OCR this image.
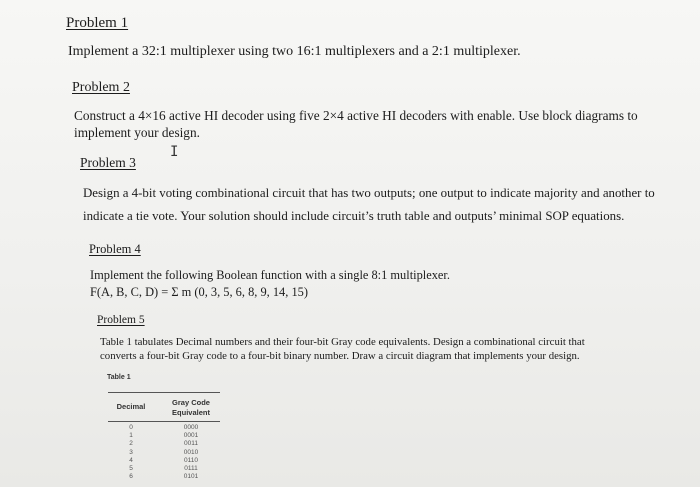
Problem 1
Implement a 32:1 multiplexer using two 16:1 multiplexers and a 2:1 multiplexer.
Problem 2
Construct a 4×16 active HI decoder using five 2×4 active HI decoders with enable. Use block diagrams to
implement your design.
I
Problem 3
Design a 4-bit voting combinational circuit that has two outputs; one output to indicate majority and another to
indicate a tie vote. Your solution should include circuit’s truth table and outputs’ minimal SOP equations.
Problem 4
Implement the following Boolean function with a single 8:1 multiplexer.
F(A, B, C, D) = Σ m (0, 3, 5, 6, 8, 9, 14, 15)
Problem 5
Table 1 tabulates Decimal numbers and their four-bit Gray code equivalents. Design a combinational circuit that
converts a four-bit Gray code to a four-bit binary number. Draw a circuit diagram that implements your design.
Table 1
Decimal	Gray Code Equivalent
0
1
2
3
4
5
6
0000
0001
0011
0010
0110
0111
0101
